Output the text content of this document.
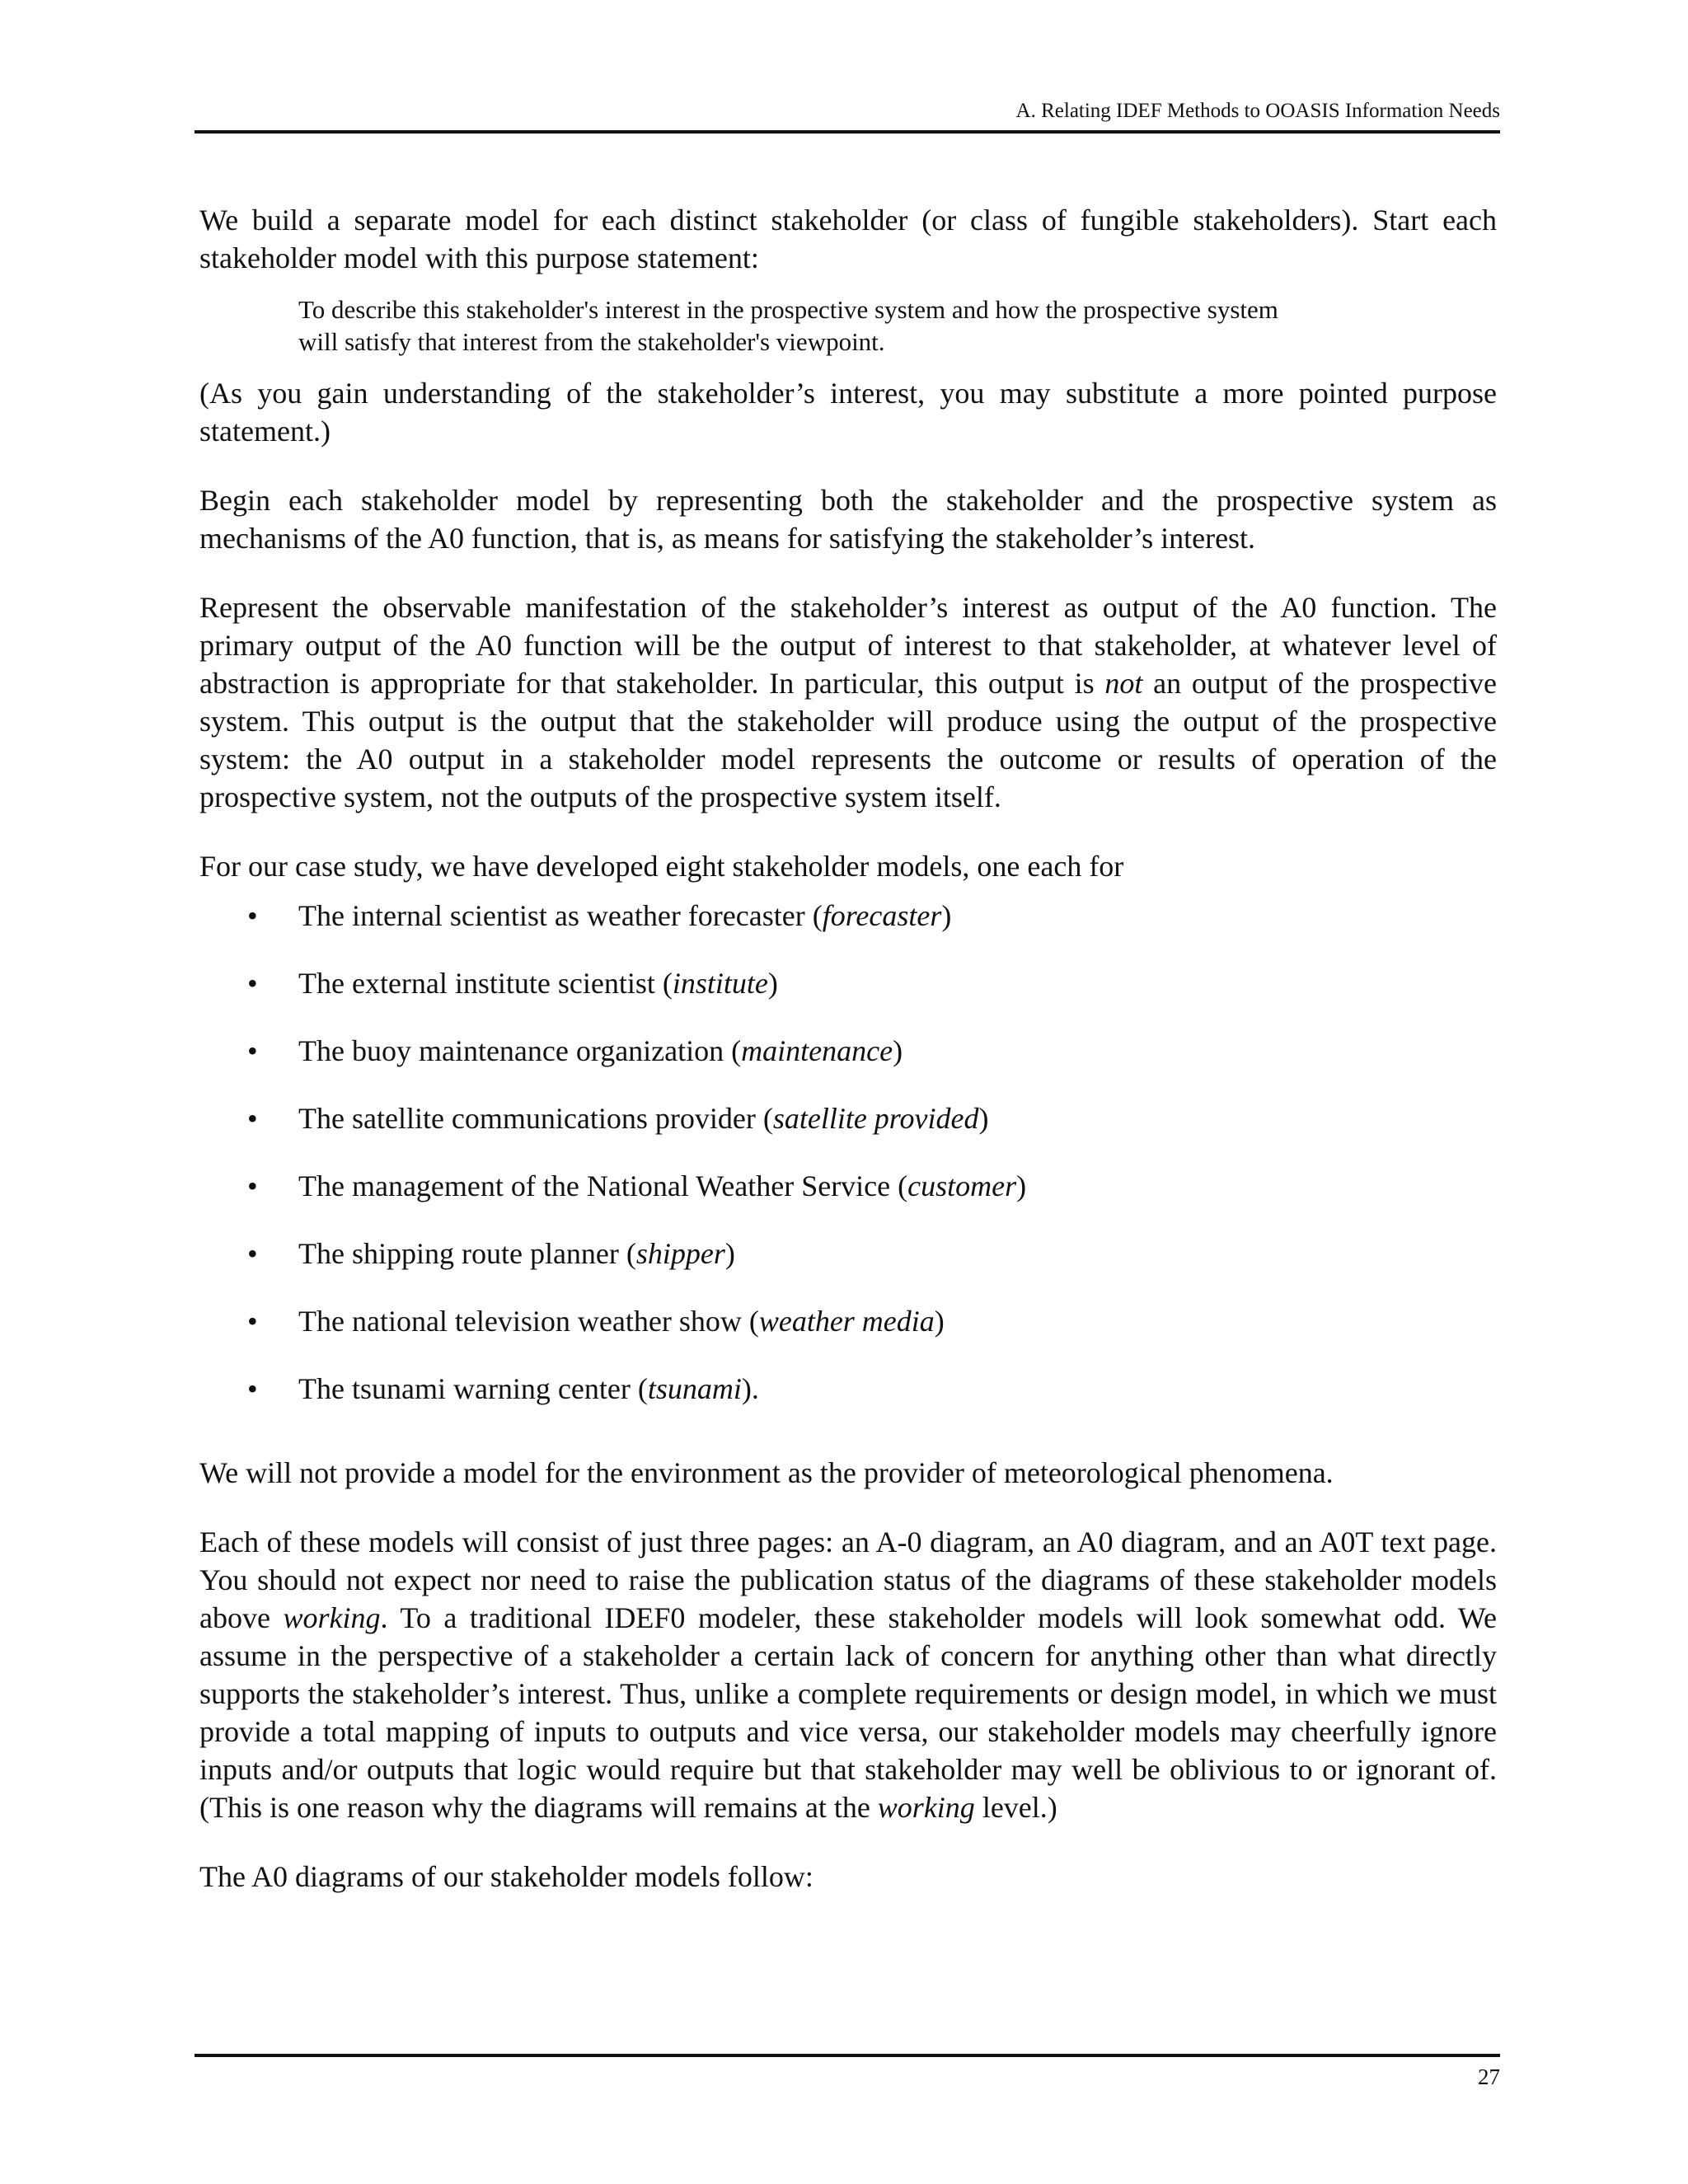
A. Relating IDEF Methods to OOASIS Information Needs

We build a separate model for each distinct stakeholder (or class of fungible stakeholders). Start each stakeholder model with this purpose statement:

To describe this stakeholder's interest in the prospective system and how the prospective system
will satisfy that interest from the stakeholder's viewpoint.

(As you gain understanding of the stakeholder’s interest, you may substitute a more pointed purpose statement.)

Begin each stakeholder model by representing both the stakeholder and the prospective system as mechanisms of the A0 function, that is, as means for satisfying the stakeholder’s interest.

Represent the observable manifestation of the stakeholder’s interest as output of the A0 function. The primary output of the A0 function will be the output of interest to that stakeholder, at whatever level of abstraction is appropriate for that stakeholder. In particular, this output is not an output of the prospective system. This output is the output that the stakeholder will produce using the output of the prospective system: the A0 output in a stakeholder model represents the outcome or results of operation of the prospective system, not the outputs of the prospective system itself.

For our case study, we have developed eight stakeholder models, one each for

• The internal scientist as weather forecaster (forecaster)
• The external institute scientist (institute)
• The buoy maintenance organization (maintenance)
• The satellite communications provider (satellite provided)
• The management of the National Weather Service (customer)
• The shipping route planner (shipper)
• The national television weather show (weather media)
• The tsunami warning center (tsunami).

We will not provide a model for the environment as the provider of meteorological phenomena.

Each of these models will consist of just three pages: an A-0 diagram, an A0 diagram, and an A0T text page. You should not expect nor need to raise the publication status of the diagrams of these stakeholder models above working. To a traditional IDEF0 modeler, these stakeholder models will look somewhat odd. We assume in the perspective of a stakeholder a certain lack of concern for anything other than what directly supports the stakeholder’s interest. Thus, unlike a complete requirements or design model, in which we must provide a total mapping of inputs to outputs and vice versa, our stakeholder models may cheerfully ignore inputs and/or outputs that logic would require but that stakeholder may well be oblivious to or ignorant of. (This is one reason why the diagrams will remains at the working level.)

The A0 diagrams of our stakeholder models follow:

27
